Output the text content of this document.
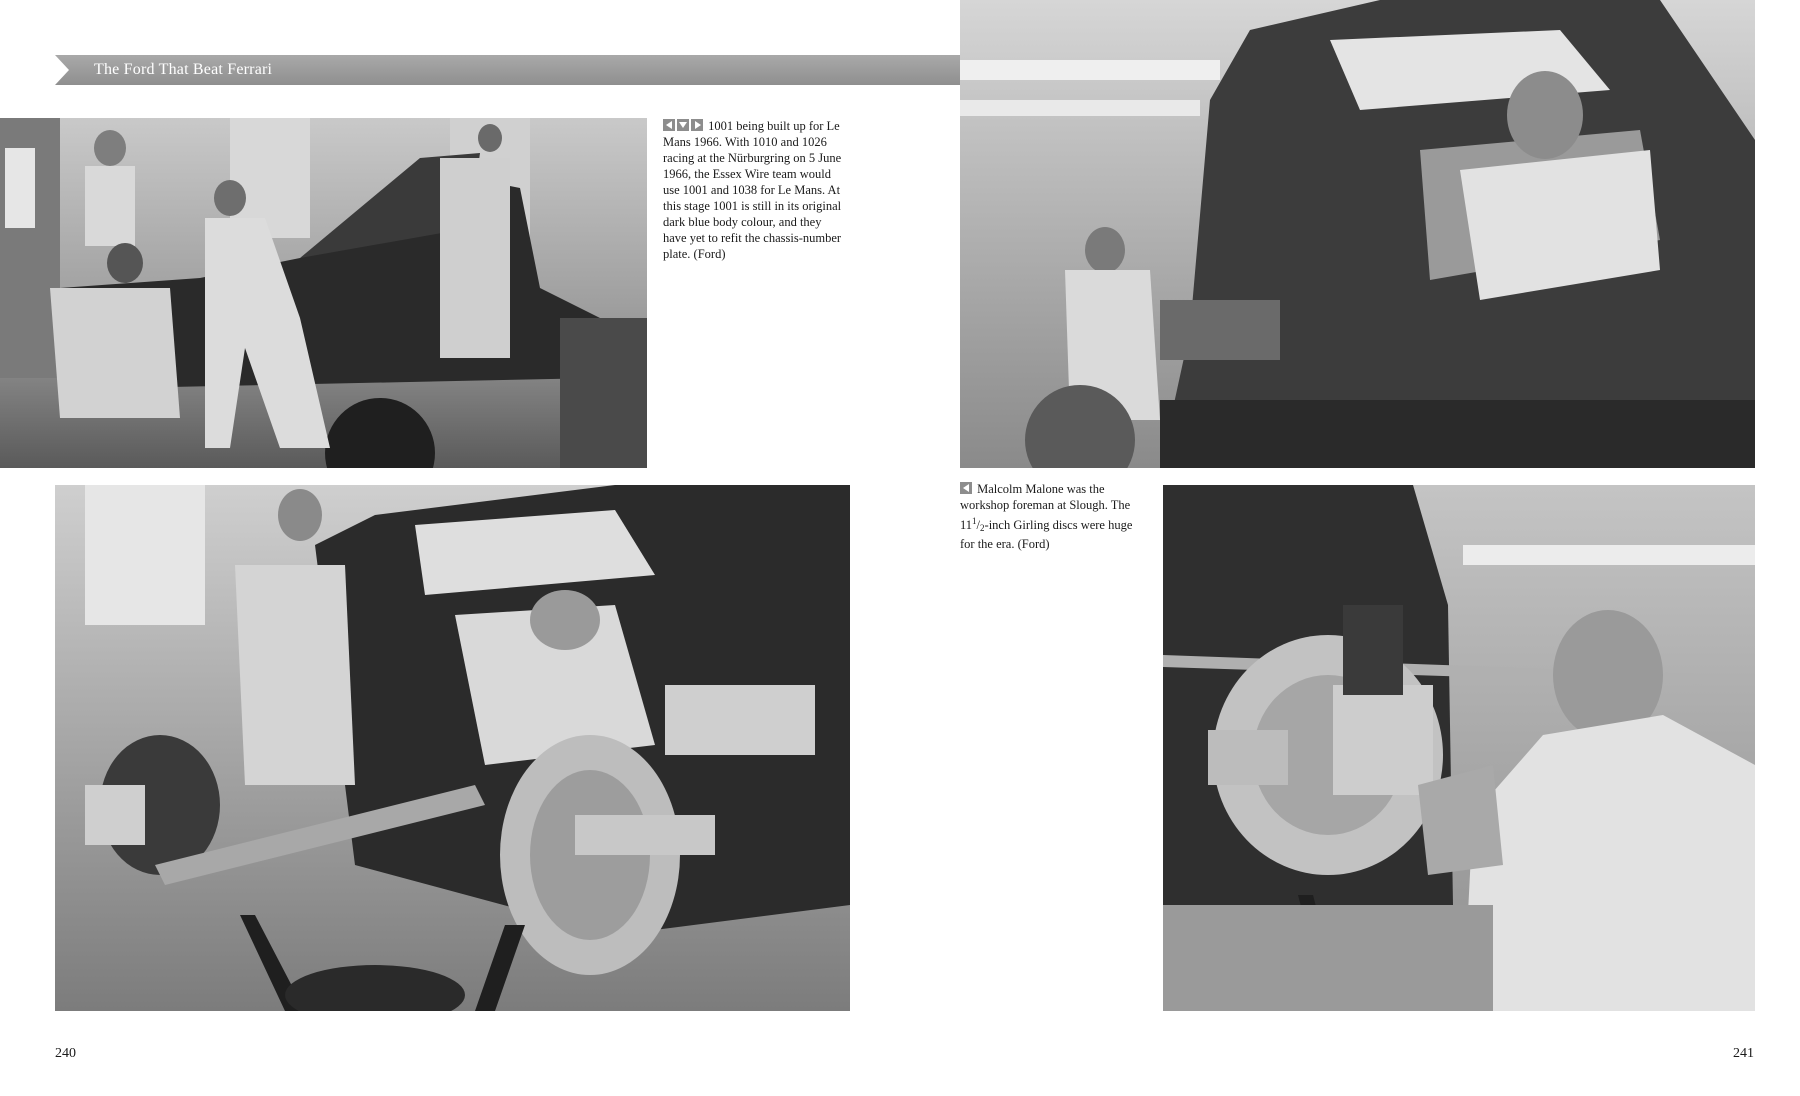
The Ford That Beat Ferrari
1001 being built up for Le Mans 1966. With 1010 and 1026 racing at the Nürburgring on 5 June 1966, the Essex Wire team would use 1001 and 1038 for Le Mans. At this stage 1001 is still in its original dark blue body colour, and they have yet to refit the chassis-number plate. (Ford)
Malcolm Malone was the workshop foreman at Slough. The $11^1/_2$-inch Girling discs were huge for the era. (Ford)
240	241
